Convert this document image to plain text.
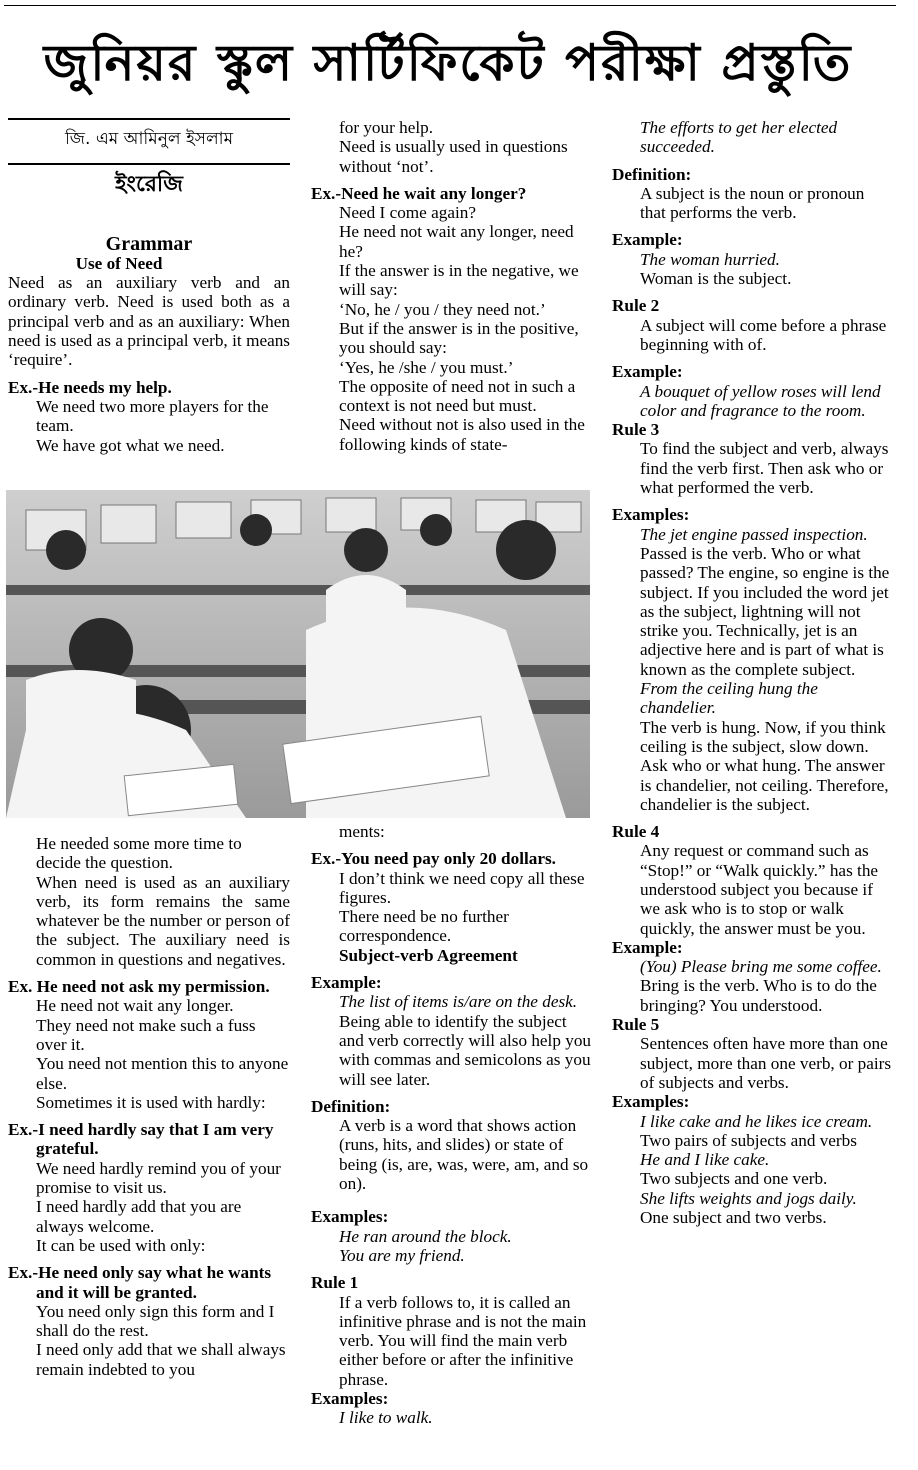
জুনিয়র স্কুল সার্টিফিকেট পরীক্ষা প্রস্তুতি
জি. এম আমিনুল ইসলাম
ইংরেজি
Grammar
Use of Need

Need as an auxiliary verb and an ordinary verb. Need is used both as a principal verb and as an auxiliary: When need is used as a principal verb, it means ‘require’.

Ex.-He needs my help.

We need two more players for the team.

We have got what we need.

for your help.

Need is usually used in questions without ‘not’.

Ex.-Need he wait any longer?

Need I come again?

He need not wait any longer, need he?

If the answer is in the negative, we will say:

‘No, he / you / they need not.’

But if the answer is in the positive, you should say:

‘Yes, he /she / you must.’

The opposite of need not in such a context is not need but must.

Need without not is also used in the following kinds of state-

He needed some more time to decide the question.

When need is used as an auxiliary verb, its form remains the same whatever be the number or person of the subject. The auxiliary need is common in questions and negatives.

Ex. He need not ask my permission.

He need not wait any longer.

They need not make such a fuss over it.

You need not mention this to anyone else.

Sometimes it is used with hardly:

Ex.-I need hardly say that I am very grateful.

We need hardly remind you of your promise to visit us.

I need hardly add that you are always welcome.

It can be used with only:

Ex.-He need only say what he wants and it will be granted.

You need only sign this form and I shall do the rest.

I need only add that we shall always remain indebted to you

ments:

Ex.-You need pay only 20 dollars.

I don’t think we need copy all these figures.

There need be no further correspondence.

Subject-verb Agreement

Example:

The list of items is/are on the desk.

Being able to identify the subject and verb correctly will also help you with commas and semicolons as you will see later.

Definition:

A verb is a word that shows action (runs, hits, and slides) or state of being (is, are, was, were, am, and so on).

Examples:

He ran around the block.

You are my friend.

Rule 1

If a verb follows to, it is called an infinitive phrase and is not the main verb. You will find the main verb either before or after the infinitive phrase.

Examples:

I like to walk.

The efforts to get her elected succeeded.

Definition:

A subject is the noun or pronoun that performs the verb.

Example:

The woman hurried.

Woman is the subject.

Rule 2

A subject will come before a phrase beginning with of.

Example:

A bouquet of yellow roses will lend color and fragrance to the room.

Rule 3

To find the subject and verb, always find the verb first. Then ask who or what performed the verb.

Examples:

The jet engine passed inspection.

Passed is the verb. Who or what passed? The engine, so engine is the subject. If you included the word jet as the subject, lightning will not strike you. Technically, jet is an adjective here and is part of what is known as the complete subject.

From the ceiling hung the chandelier.

The verb is hung. Now, if you think ceiling is the subject, slow down. Ask who or what hung. The answer is chandelier, not ceiling. Therefore, chandelier is the subject.

Rule 4

Any request or command such as “Stop!” or “Walk quickly.” has the understood subject you because if we ask who is to stop or walk quickly, the answer must be you.

Example:

(You) Please bring me some coffee.

Bring is the verb. Who is to do the bringing? You understood.

Rule 5

Sentences often have more than one subject, more than one verb, or pairs of subjects and verbs.

Examples:

I like cake and he likes ice cream.

Two pairs of subjects and verbs

He and I like cake.

Two subjects and one verb.

She lifts weights and jogs daily.

One subject and two verbs.
